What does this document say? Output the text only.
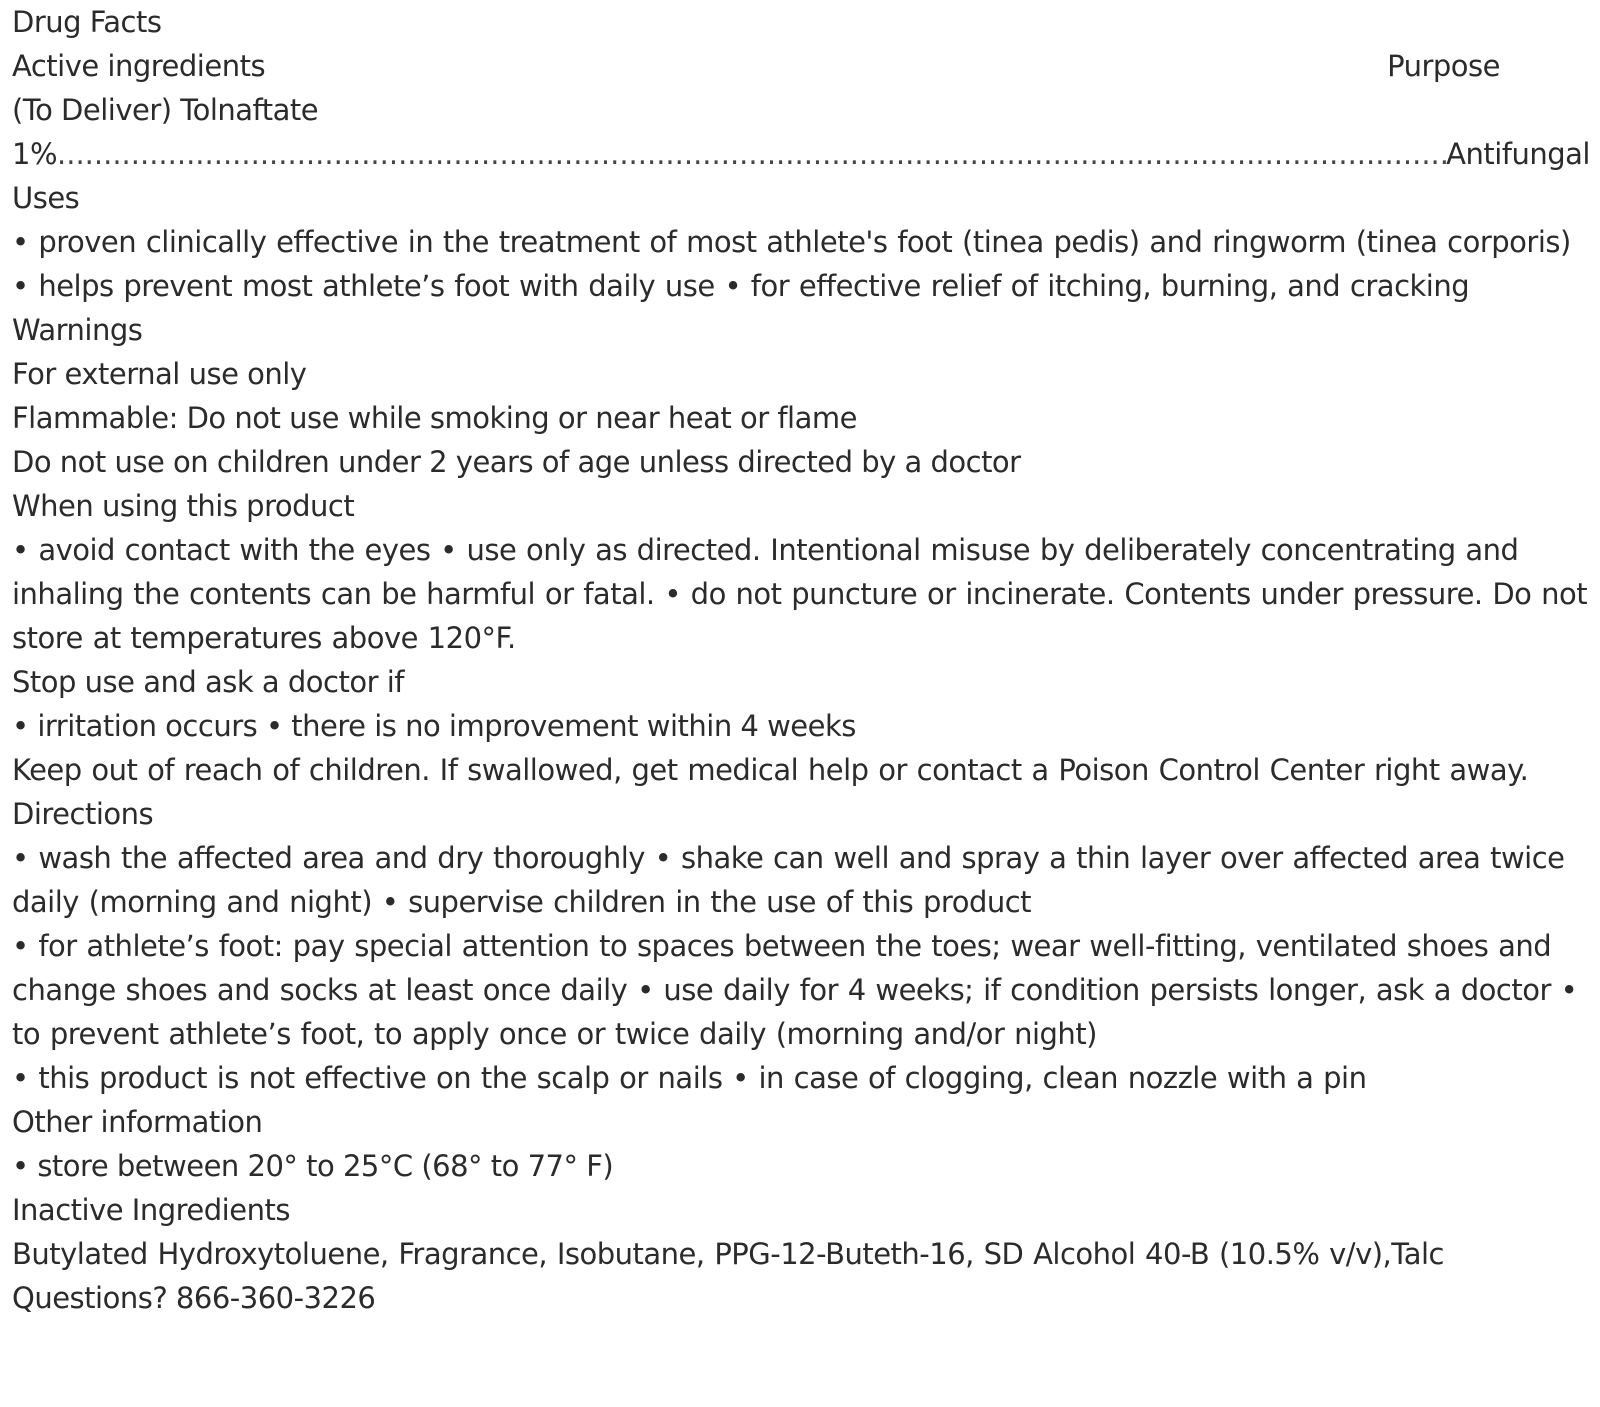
Drug Facts
Active ingredients	Purpose
(To Deliver) Tolnaftate
1%
.....	Antifungal
Uses
• proven clinically effective in the treatment of most athlete's foot (tinea pedis) and ringworm (tinea corporis) • helps prevent most athlete’s foot with daily use • for effective relief of itching, burning, and cracking
Warnings
For external use only
Flammable: Do not use while smoking or near heat or flame
Do not use on children under 2 years of age unless directed by a doctor
When using this product
• avoid contact with the eyes • use only as directed. Intentional misuse by deliberately concentrating and inhaling the contents can be harmful or fatal. • do not puncture or incinerate. Contents under pressure. Do not store at temperatures above 120°F.
Stop use and ask a doctor if
• irritation occurs • there is no improvement within 4 weeks
Keep out of reach of children. If swallowed, get medical help or contact a Poison Control Center right away.
Directions
• wash the affected area and dry thoroughly • shake can well and spray a thin layer over affected area twice daily (morning and night) • supervise children in the use of this product
• for athlete’s foot: pay special attention to spaces between the toes; wear well-fitting, ventilated shoes and change shoes and socks at least once daily • use daily for 4 weeks; if condition persists longer, ask a doctor • to prevent athlete’s foot, to apply once or twice daily (morning and/or night)
• this product is not effective on the scalp or nails • in case of clogging, clean nozzle with a pin
Other information
• store between 20° to 25°C (68° to 77° F)
Inactive Ingredients
Butylated Hydroxytoluene, Fragrance, Isobutane, PPG-12-Buteth-16, SD Alcohol 40-B (10.5% v/v),Talc
Questions? 866-360-3226
